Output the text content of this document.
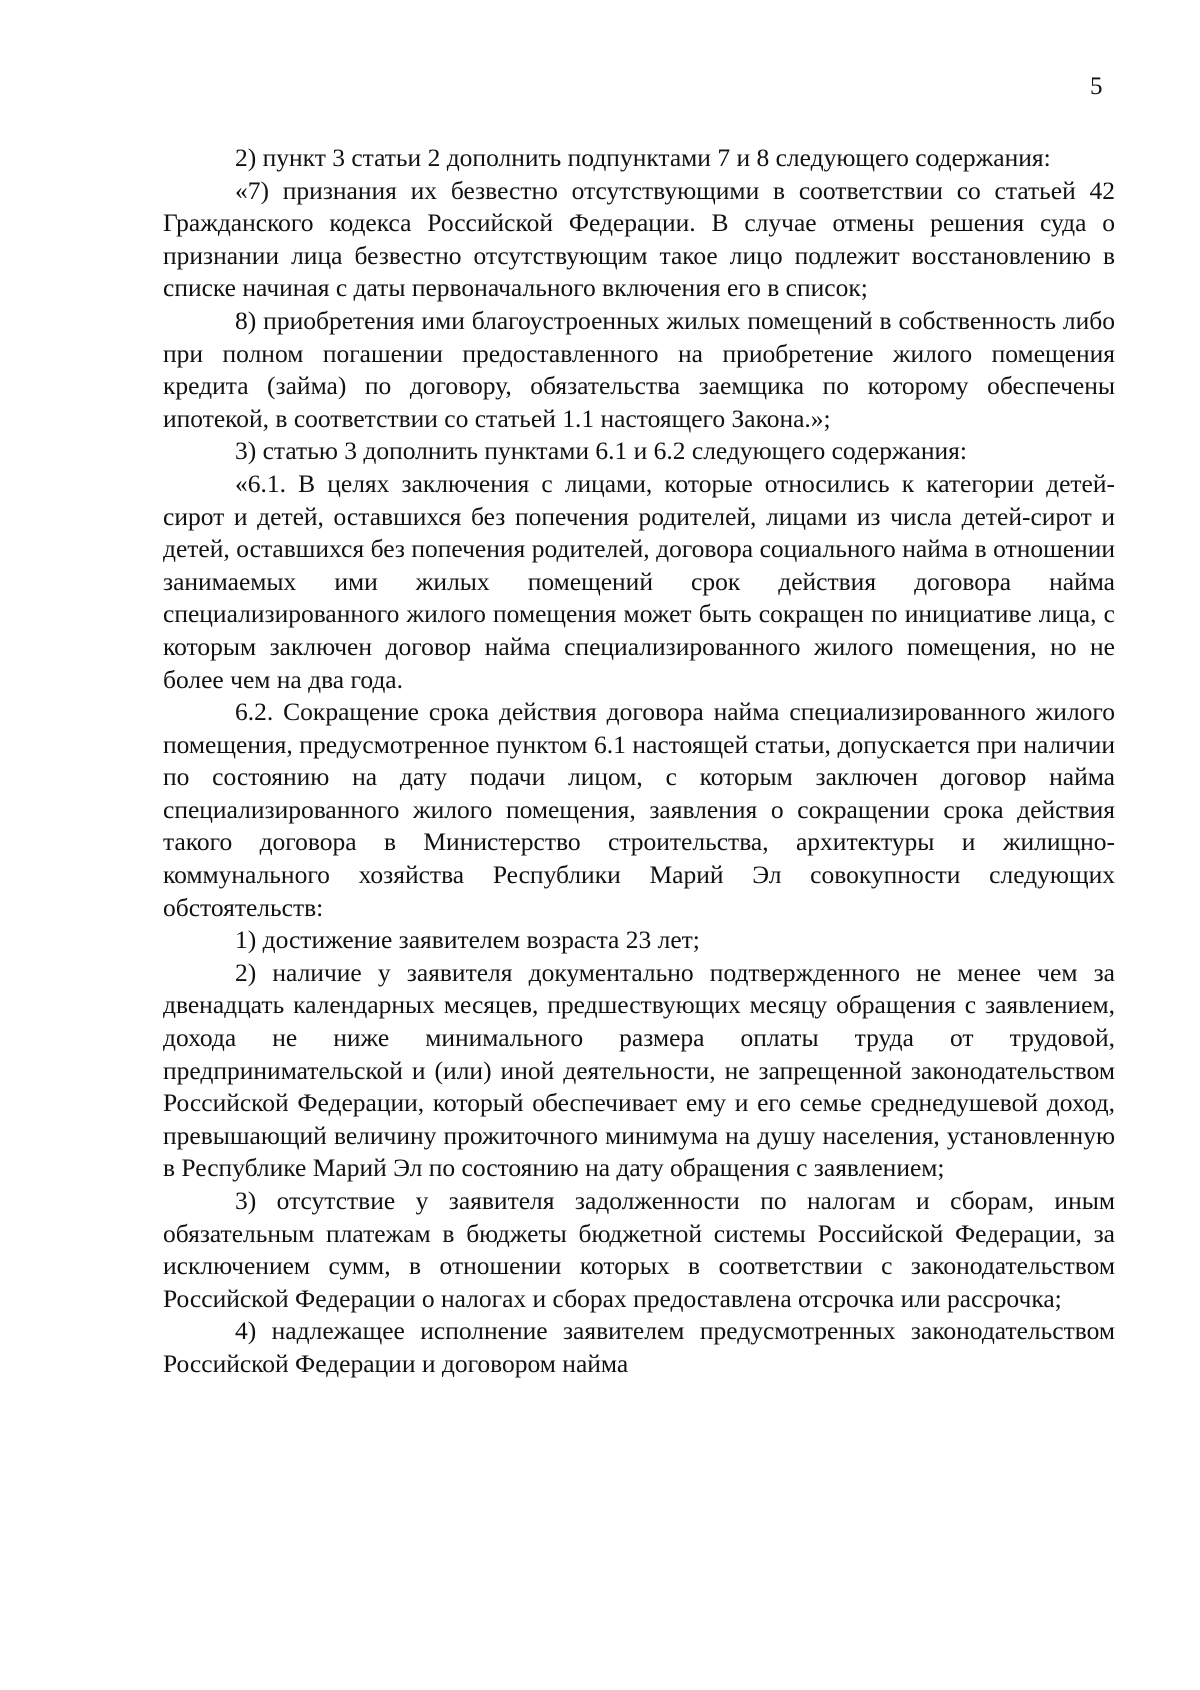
5

2) пункт 3 статьи 2 дополнить подпунктами 7 и 8 следующего содержания:

«7) признания их безвестно отсутствующими в соответствии со статьей 42 Гражданского кодекса Российской Федерации. В случае отмены решения суда о признании лица безвестно отсутствующим такое лицо подлежит восстановлению в списке начиная с даты первоначального включения его в список;

8) приобретения ими благоустроенных жилых помещений в собственность либо при полном погашении предоставленного на приобретение жилого помещения кредита (займа) по договору, обязательства заемщика по которому обеспечены ипотекой, в соответствии со статьей 1.1 настоящего Закона.»;

3) статью 3 дополнить пунктами 6.1 и 6.2 следующего содержания:

«6.1. В целях заключения с лицами, которые относились к категории детей-сирот и детей, оставшихся без попечения родителей, лицами из числа детей-сирот и детей, оставшихся без попечения родителей, договора социального найма в отношении занимаемых ими жилых помещений срок действия договора найма специализированного жилого помещения может быть сокращен по инициативе лица, с которым заключен договор найма специализированного жилого помещения, но не более чем на два года.

6.2. Сокращение срока действия договора найма специализированного жилого помещения, предусмотренное пунктом 6.1 настоящей статьи, допускается при наличии по состоянию на дату подачи лицом, с которым заключен договор найма специализированного жилого помещения, заявления о сокращении срока действия такого договора в Министерство строительства, архитектуры и жилищно-коммунального хозяйства Республики Марий Эл совокупности следующих обстоятельств:

1) достижение заявителем возраста 23 лет;

2) наличие у заявителя документально подтвержденного не менее чем за двенадцать календарных месяцев, предшествующих месяцу обращения с заявлением, дохода не ниже минимального размера оплаты труда от трудовой, предпринимательской и (или) иной деятельности, не запрещенной законодательством Российской Федерации, который обеспечивает ему и его семье среднедушевой доход, превышающий величину прожиточного минимума на душу населения, установленную в Республике Марий Эл по состоянию на дату обращения с заявлением;

3) отсутствие у заявителя задолженности по налогам и сборам, иным обязательным платежам в бюджеты бюджетной системы Российской Федерации, за исключением сумм, в отношении которых в соответствии с законодательством Российской Федерации о налогах и сборах предоставлена отсрочка или рассрочка;

4) надлежащее исполнение заявителем предусмотренных законодательством Российской Федерации и договором найма
